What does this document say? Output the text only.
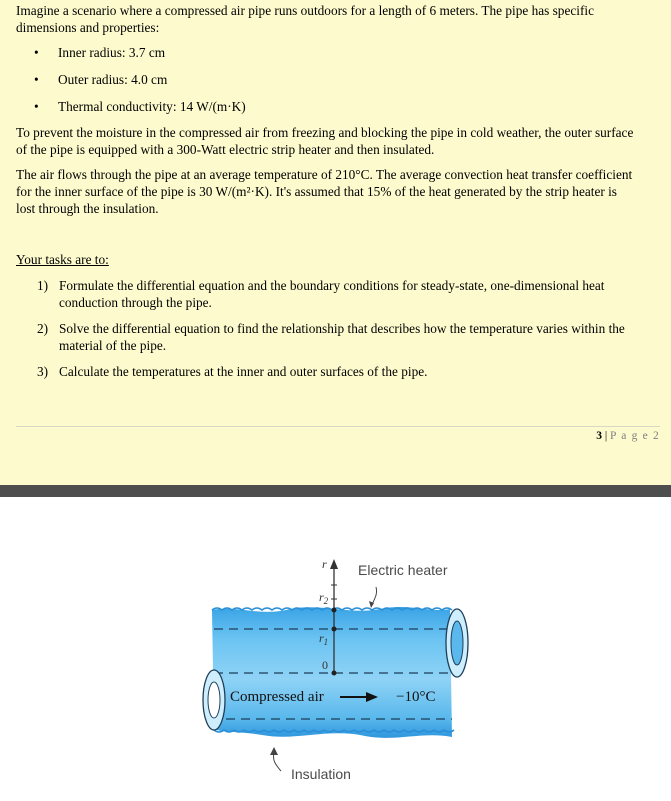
Imagine a scenario where a compressed air pipe runs outdoors for a length of 6 meters. The pipe has specific dimensions and properties:

• Inner radius: 3.7 cm
• Outer radius: 4.0 cm
• Thermal conductivity: 14 W/(m·K)

To prevent the moisture in the compressed air from freezing and blocking the pipe in cold weather, the outer surface of the pipe is equipped with a 300-Watt electric strip heater and then insulated.

The air flows through the pipe at an average temperature of 210°C. The average convection heat transfer coefficient for the inner surface of the pipe is 30 W/(m²·K). It's assumed that 15% of the heat generated by the strip heater is lost through the insulation.

Your tasks are to:
1) Formulate the differential equation and the boundary conditions for steady-state, one-dimensional heat conduction through the pipe.
2) Solve the differential equation to find the relationship that describes how the temperature varies within the material of the pipe.
3) Calculate the temperatures at the inner and outer surfaces of the pipe.
3 | P a g e 2
r
$r_2$
$r_1$
0
Electric heater
Compressed air	−10°C
Insulation
